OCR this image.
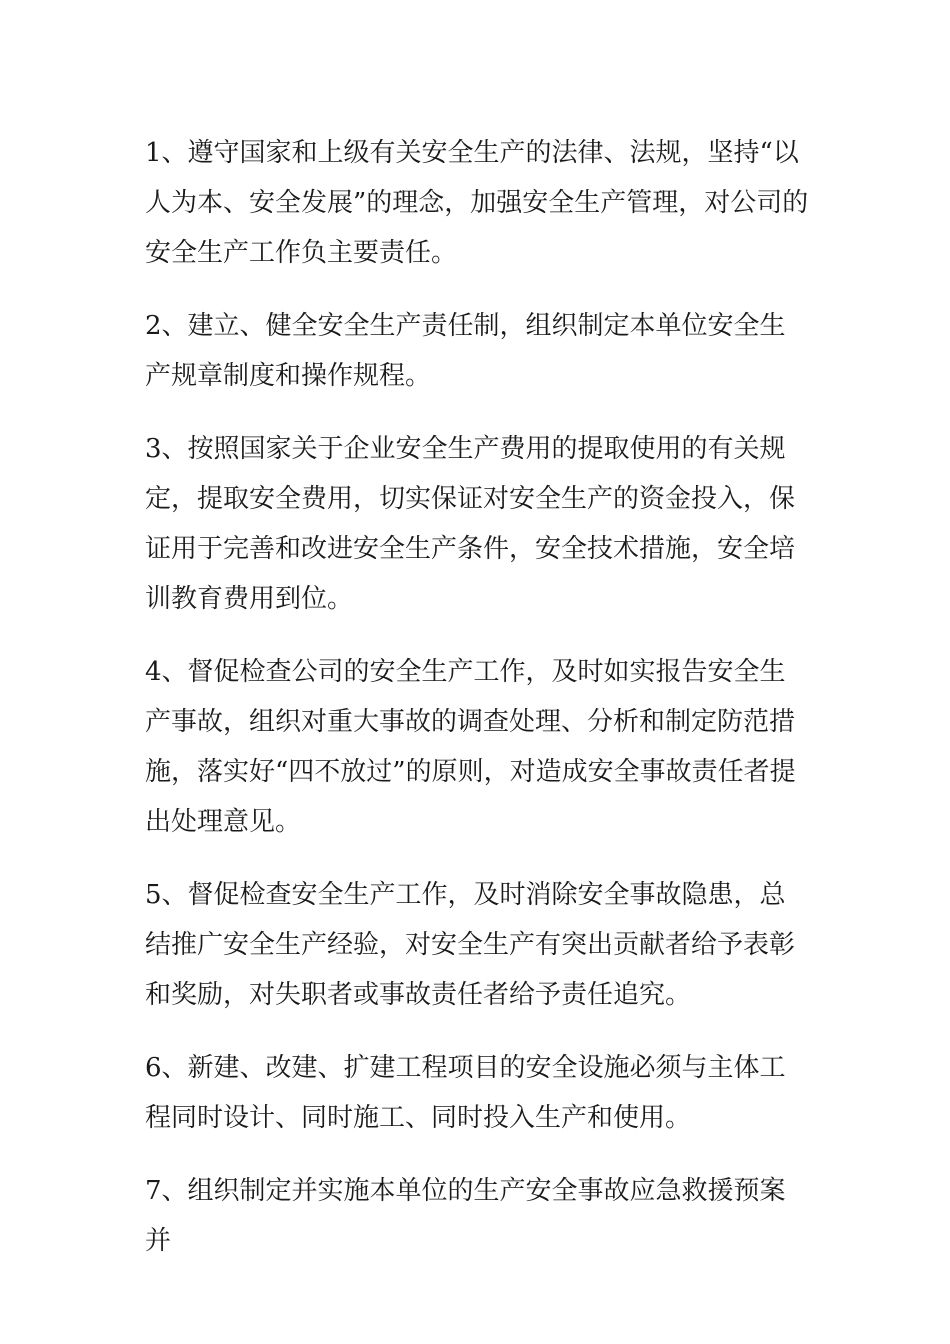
1、遵守国家和上级有关安全生产的法律、法规，坚持“以人为本、安全发展”的理念，加强安全生产管理，对公司的安全生产工作负主要责任。

2、建立、健全安全生产责任制，组织制定本单位安全生产规章制度和操作规程。

3、按照国家关于企业安全生产费用的提取使用的有关规定，提取安全费用，切实保证对安全生产的资金投入，保证用于完善和改进安全生产条件，安全技术措施，安全培训教育费用到位。

4、督促检查公司的安全生产工作，及时如实报告安全生产事故，组织对重大事故的调查处理、分析和制定防范措施，落实好“四不放过”的原则，对造成安全事故责任者提出处理意见。

5、督促检查安全生产工作，及时消除安全事故隐患，总结推广安全生产经验，对安全生产有突出贡献者给予表彰和奖励，对失职者或事故责任者给予责任追究。

6、新建、改建、扩建工程项目的安全设施必须与主体工程同时设计、同时施工、同时投入生产和使用。

7、组织制定并实施本单位的生产安全事故应急救援预案并
